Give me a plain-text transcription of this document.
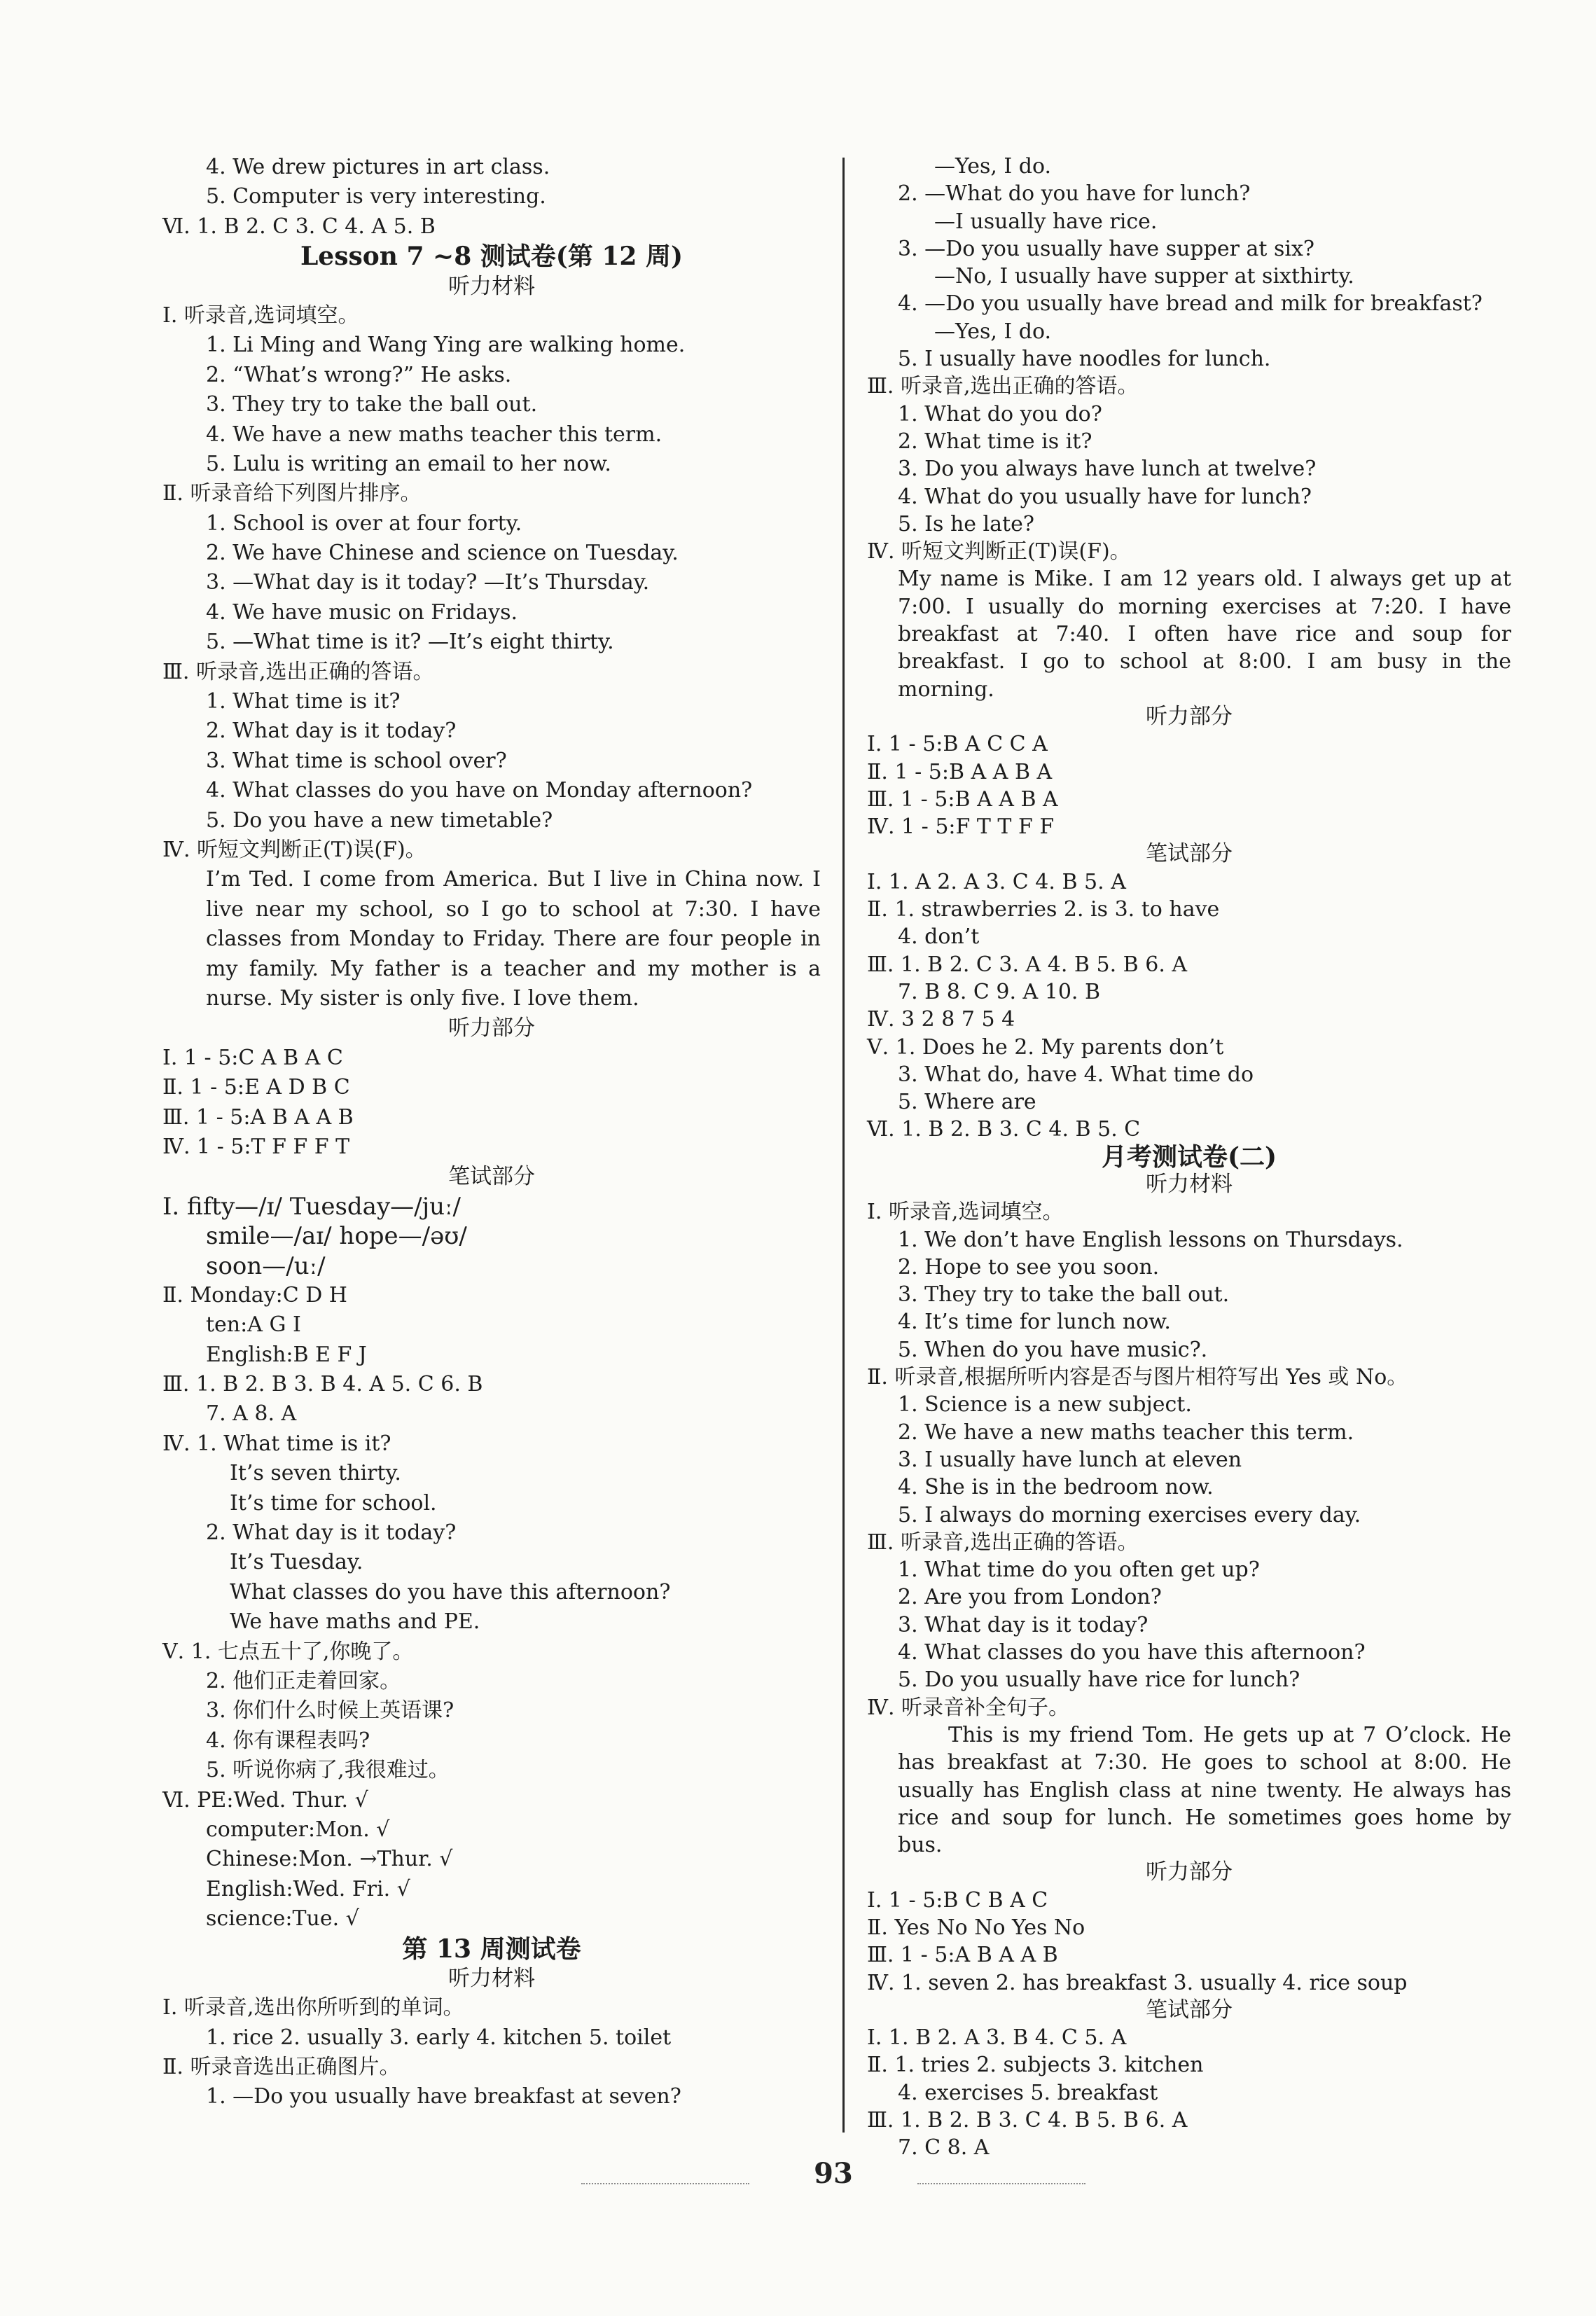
4. We drew pictures in art class.
5. Computer is very interesting.
Ⅵ. 1. B 2. C 3. C 4. A 5. B
Lesson 7 ~8 测试卷(第 12 周)
听力材料
Ⅰ. 听录音,选词填空。
1. Li Ming and Wang Ying are walking home.
2. “What’s wrong?” He asks.
3. They try to take the ball out.
4. We have a new maths teacher this term.
5. Lulu is writing an email to her now.
Ⅱ. 听录音给下列图片排序。
1. School is over at four forty.
2. We have Chinese and science on Tuesday.
3. —What day is it today? —It’s Thursday.
4. We have music on Fridays.
5. —What time is it? —It’s eight thirty.
Ⅲ. 听录音,选出正确的答语。
1. What time is it?
2. What day is it today?
3. What time is school over?
4. What classes do you have on Monday afternoon?
5. Do you have a new timetable?
Ⅳ. 听短文判断正(T)误(F)。
I’m Ted. I come from America. But I live in China now. I live near my school, so I go to school at 7:30. I have classes from Monday to Friday. There are four people in my family. My father is a teacher and my mother is a nurse. My sister is only five. I love them.
听力部分
Ⅰ. 1 - 5:C A B A C
Ⅱ. 1 - 5:E A D B C
Ⅲ. 1 - 5:A B A A B
Ⅳ. 1 - 5:T F F F T
笔试部分
Ⅰ. fifty—/ɪ/ Tuesday—/juː/
smile—/aɪ/ hope—/əʊ/
soon—/uː/
Ⅱ. Monday:C D H
ten:A G I
English:B E F J
Ⅲ. 1. B 2. B 3. B 4. A 5. C 6. B
7. A 8. A
Ⅳ. 1. What time is it?
It’s seven thirty.
It’s time for school.
2. What day is it today?
It’s Tuesday.
What classes do you have this afternoon?
We have maths and PE.
Ⅴ. 1. 七点五十了,你晚了。
2. 他们正走着回家。
3. 你们什么时候上英语课?
4. 你有课程表吗?
5. 听说你病了,我很难过。
Ⅵ. PE:Wed. Thur. √
computer:Mon. √
Chinese:Mon. →Thur. √
English:Wed. Fri. √
science:Tue. √
第 13 周测试卷
听力材料
Ⅰ. 听录音,选出你所听到的单词。
1. rice 2. usually 3. early 4. kitchen 5. toilet
Ⅱ. 听录音选出正确图片。
1. —Do you usually have breakfast at seven?
—Yes, I do.
2. —What do you have for lunch?
—I usually have rice.
3. —Do you usually have supper at six?
—No, I usually have supper at sixthirty.
4. —Do you usually have bread and milk for breakfast?
—Yes, I do.
5. I usually have noodles for lunch.
Ⅲ. 听录音,选出正确的答语。
1. What do you do?
2. What time is it?
3. Do you always have lunch at twelve?
4. What do you usually have for lunch?
5. Is he late?
Ⅳ. 听短文判断正(T)误(F)。
My name is Mike. I am 12 years old. I always get up at 7:00. I usually do morning exercises at 7:20. I have breakfast at 7:40. I often have rice and soup for breakfast. I go to school at 8:00. I am busy in the morning.
听力部分
Ⅰ. 1 - 5:B A C C A
Ⅱ. 1 - 5:B A A B A
Ⅲ. 1 - 5:B A A B A
Ⅳ. 1 - 5:F T T F F
笔试部分
Ⅰ. 1. A 2. A 3. C 4. B 5. A
Ⅱ. 1. strawberries 2. is 3. to have
4. don’t
Ⅲ. 1. B 2. C 3. A 4. B 5. B 6. A
7. B 8. C 9. A 10. B
Ⅳ. 3 2 8 7 5 4
Ⅴ. 1. Does he 2. My parents don’t
3. What do, have 4. What time do
5. Where are
Ⅵ. 1. B 2. B 3. C 4. B 5. C
月考测试卷(二)
听力材料
Ⅰ. 听录音,选词填空。
1. We don’t have English lessons on Thursdays.
2. Hope to see you soon.
3. They try to take the ball out.
4. It’s time for lunch now.
5. When do you have music?.
Ⅱ. 听录音,根据所听内容是否与图片相符写出 Yes 或 No。
1. Science is a new subject.
2. We have a new maths teacher this term.
3. I usually have lunch at eleven
4. She is in the bedroom now.
5. I always do morning exercises every day.
Ⅲ. 听录音,选出正确的答语。
1. What time do you often get up?
2. Are you from London?
3. What day is it today?
4. What classes do you have this afternoon?
5. Do you usually have rice for lunch?
Ⅳ. 听录音补全句子。
This is my friend Tom. He gets up at 7 O’clock. He has breakfast at 7:30. He goes to school at 8:00. He usually has English class at nine twenty. He always has rice and soup for lunch. He sometimes goes home by bus.
听力部分
Ⅰ. 1 - 5:B C B A C
Ⅱ. Yes No No Yes No
Ⅲ. 1 - 5:A B A A B
Ⅳ. 1. seven 2. has breakfast 3. usually 4. rice soup
笔试部分
Ⅰ. 1. B 2. A 3. B 4. C 5. A
Ⅱ. 1. tries 2. subjects 3. kitchen
4. exercises 5. breakfast
Ⅲ. 1. B 2. B 3. C 4. B 5. B 6. A
7. C 8. A
93
